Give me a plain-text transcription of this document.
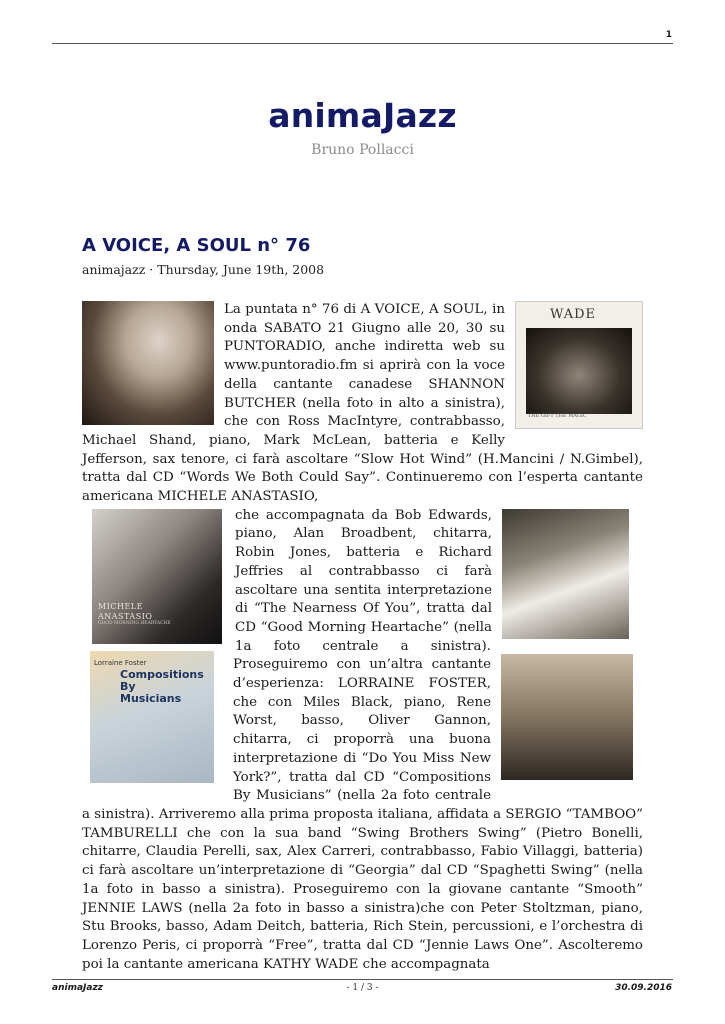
1
animaJazz
Bruno Pollacci
A VOICE, A SOUL n° 76
animajazz · Thursday, June 19th, 2008
WADE
THE GIFT THE MAGIC

La puntata n° 76 di A VOICE, A SOUL, in onda SABATO 21 Giugno alle 20, 30 su PUNTORADIO, anche indiretta web su www.puntoradio.fm si aprirà con la voce della cantante canadese SHANNON BUTCHER (nella foto in alto a sinistra), che con Ross MacIntyre, contrabbasso, Michael Shand, piano, Mark McLean, batteria e Kelly Jefferson, sax tenore, ci farà ascoltare “Slow Hot Wind” (H.Mancini / N.Gimbel), tratta dal CD “Words We Both Could Say”. Continueremo con l’esperta cantante americana MICHELE ANASTASIO,

MICHELE ANASTASIO
GOOD MORNING HEARTACHE
Lorraine Foster
Compositions By Musicians

che accompagnata da Bob Edwards, piano, Alan Broadbent, chitarra, Robin Jones, batteria e Richard Jeffries al contrabbasso ci farà ascoltare una sentita interpretazione di “The Nearness Of You”, tratta dal CD “Good Morning Heartache” (nella 1a foto centrale a sinistra). Proseguiremo con un’altra cantante d’esperienza: LORRAINE FOSTER, che con Miles Black, piano, Rene Worst, basso, Oliver Gannon, chitarra, ci proporrà una buona interpretazione di “Do You Miss New York?”, tratta dal CD “Compositions By Musicians” (nella 2a foto centrale a sinistra). Arriveremo alla prima proposta italiana, affidata a SERGIO “TAMBOO” TAMBURELLI che con la sua band “Swing Brothers Swing” (Pietro Bonelli, chitarre, Claudia Perelli, sax, Alex Carreri, contrabbasso, Fabio Villaggi, batteria) ci farà ascoltare un’interpretazione di “Georgia” dal CD “Spaghetti Swing” (nella 1a foto in basso a sinistra). Proseguiremo con la giovane cantante “Smooth” JENNIE LAWS (nella 2a foto in basso a sinistra)che con Peter Stoltzman, piano, Stu Brooks, basso, Adam Deitch, batteria, Rich Stein, percussioni, e l’orchestra di Lorenzo Peris, ci proporrà “Free”, tratta dal CD “Jennie Laws One”. Ascolteremo poi la cantante americana KATHY WADE che accompagnata

animaJazz	- 1 / 3 -	30.09.2016
